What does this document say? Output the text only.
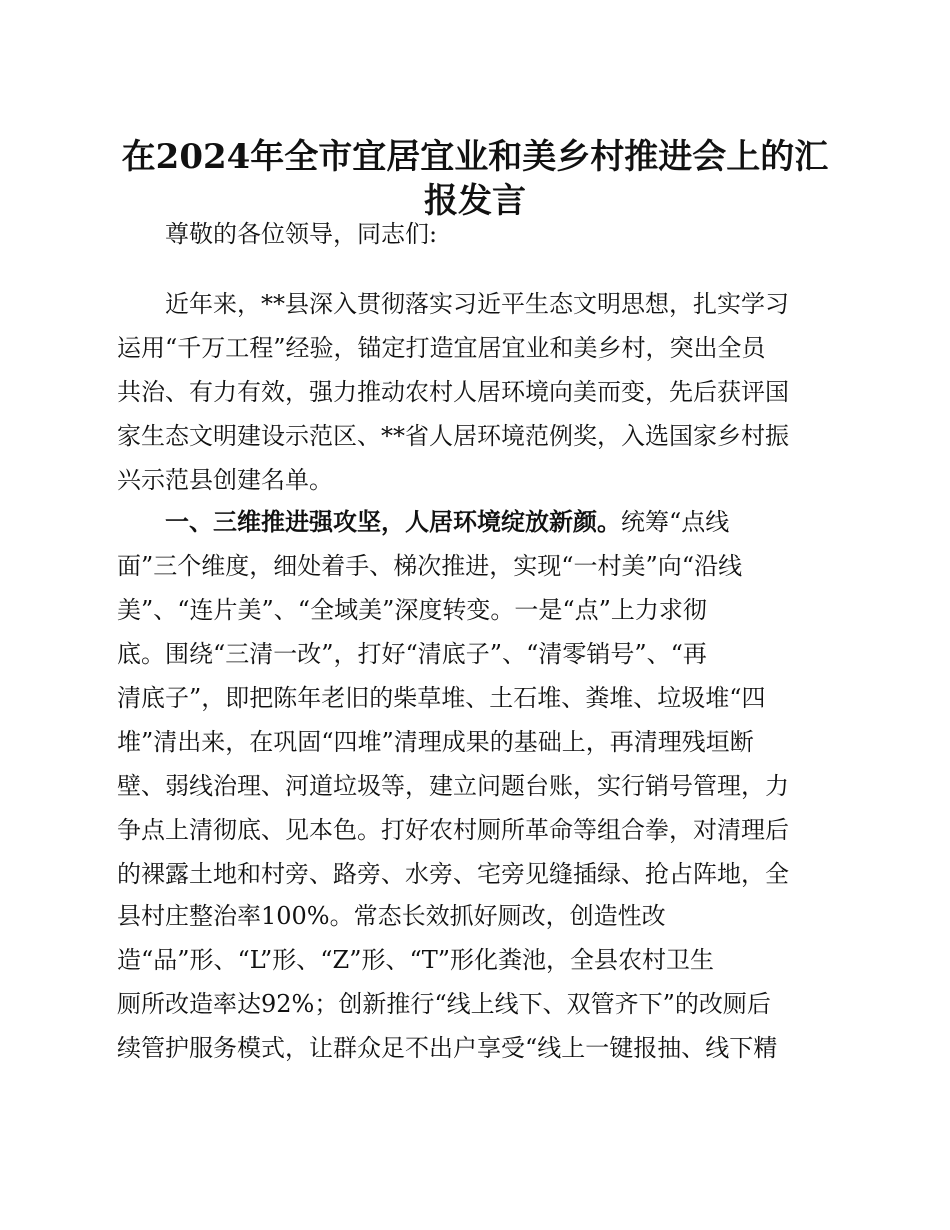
在2024年全市宜居宜业和美乡村推进会上的汇
报发言

尊敬的各位领导，同志们:

近年来，**县深入贯彻落实习近平生态文明思想，扎实学习

运用“千万工程”经验，锚定打造宜居宜业和美乡村，突出全员

共治、有力有效，强力推动农村人居环境向美而变，先后获评国

家生态文明建设示范区、**省人居环境范例奖，入选国家乡村振

兴示范县创建名单。

一、三维推进强攻坚，人居环境绽放新颜。统筹“点线

面”三个维度，细处着手、梯次推进，实现“一村美”向“沿线

美”、“连片美”、“全域美”深度转变。一是“点”上力求彻

底。围绕“三清一改”，打好“清底子”、“清零销号”、“再

清底子”，即把陈年老旧的柴草堆、土石堆、粪堆、垃圾堆“四

堆”清出来，在巩固“四堆”清理成果的基础上，再清理残垣断

壁、弱线治理、河道垃圾等，建立问题台账，实行销号管理，力

争点上清彻底、见本色。打好农村厕所革命等组合拳，对清理后

的裸露土地和村旁、路旁、水旁、宅旁见缝插绿、抢占阵地，全

县村庄整治率100%。常态长效抓好厕改，创造性改

造“品”形、“L”形、“Z”形、“T”形化粪池，全县农村卫生

厕所改造率达92%；创新推行“线上线下、双管齐下”的改厕后

续管护服务模式，让群众足不出户享受“线上一键报抽、线下精
